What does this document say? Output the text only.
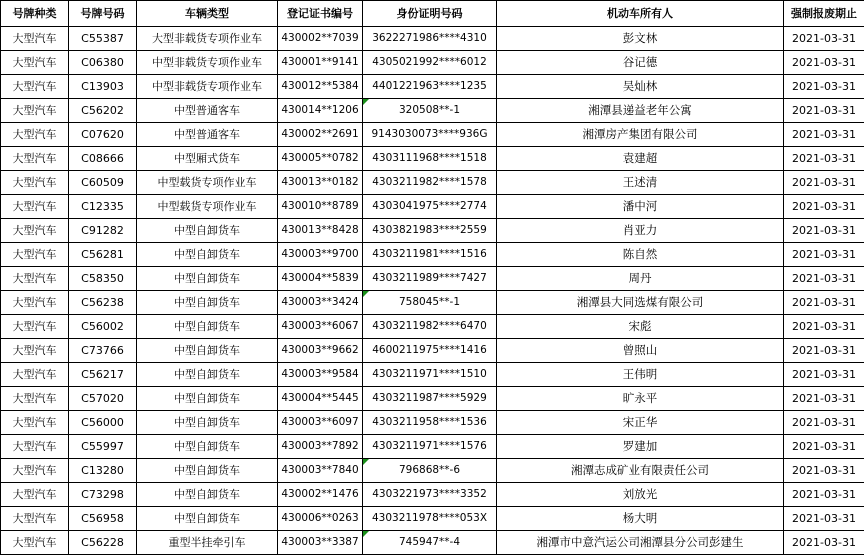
号牌种类	号牌号码	车辆类型	登记证书编号	身份证明号码	机动车所有人	强制报废期止
大型汽车	C55387	大型非载货专项作业车	430002**7039	3622271986****4310	彭文林	2021-03-31
大型汽车	C06380	中型非载货专项作业车	430001**9141	4305021992****6012	谷记德	2021-03-31
大型汽车	C13903	中型非载货专项作业车	430012**5384	4401221963****1235	吴灿林	2021-03-31
大型汽车	C56202	中型普通客车	430014**1206	320508**-1	湘潭县递益老年公寓	2021-03-31
大型汽车	C07620	中型普通客车	430002**2691	9143030073****936G	湘潭房产集团有限公司	2021-03-31
大型汽车	C08666	中型厢式货车	430005**0782	4303111968****1518	袁建超	2021-03-31
大型汽车	C60509	中型载货专项作业车	430013**0182	4303211982****1578	王述清	2021-03-31
大型汽车	C12335	中型载货专项作业车	430010**8789	4303041975****2774	潘中河	2021-03-31
大型汽车	C91282	中型自卸货车	430013**8428	4303821983****2559	肖亚力	2021-03-31
大型汽车	C56281	中型自卸货车	430003**9700	4303211981****1516	陈自然	2021-03-31
大型汽车	C58350	中型自卸货车	430004**5839	4303211989****7427	周丹	2021-03-31
大型汽车	C56238	中型自卸货车	430003**3424	758045**-1	湘潭县大同选煤有限公司	2021-03-31
大型汽车	C56002	中型自卸货车	430003**6067	4303211982****6470	宋彪	2021-03-31
大型汽车	C73766	中型自卸货车	430003**9662	4600211975****1416	曾照山	2021-03-31
大型汽车	C56217	中型自卸货车	430003**9584	4303211971****1510	王伟明	2021-03-31
大型汽车	C57020	中型自卸货车	430004**5445	4303211987****5929	旷永平	2021-03-31
大型汽车	C56000	中型自卸货车	430003**6097	4303211958****1536	宋正华	2021-03-31
大型汽车	C55997	中型自卸货车	430003**7892	4303211971****1576	罗建加	2021-03-31
大型汽车	C13280	中型自卸货车	430003**7840	796868**-6	湘潭志成矿业有限责任公司	2021-03-31
大型汽车	C73298	中型自卸货车	430002**1476	4303221973****3352	刘放光	2021-03-31
大型汽车	C56958	中型自卸货车	430006**0263	4303211978****053X	杨大明	2021-03-31
大型汽车	C56228	重型半挂牵引车	430003**3387	745947**-4	湘潭市中意汽运公司湘潭县分公司彭建生	2021-03-31
